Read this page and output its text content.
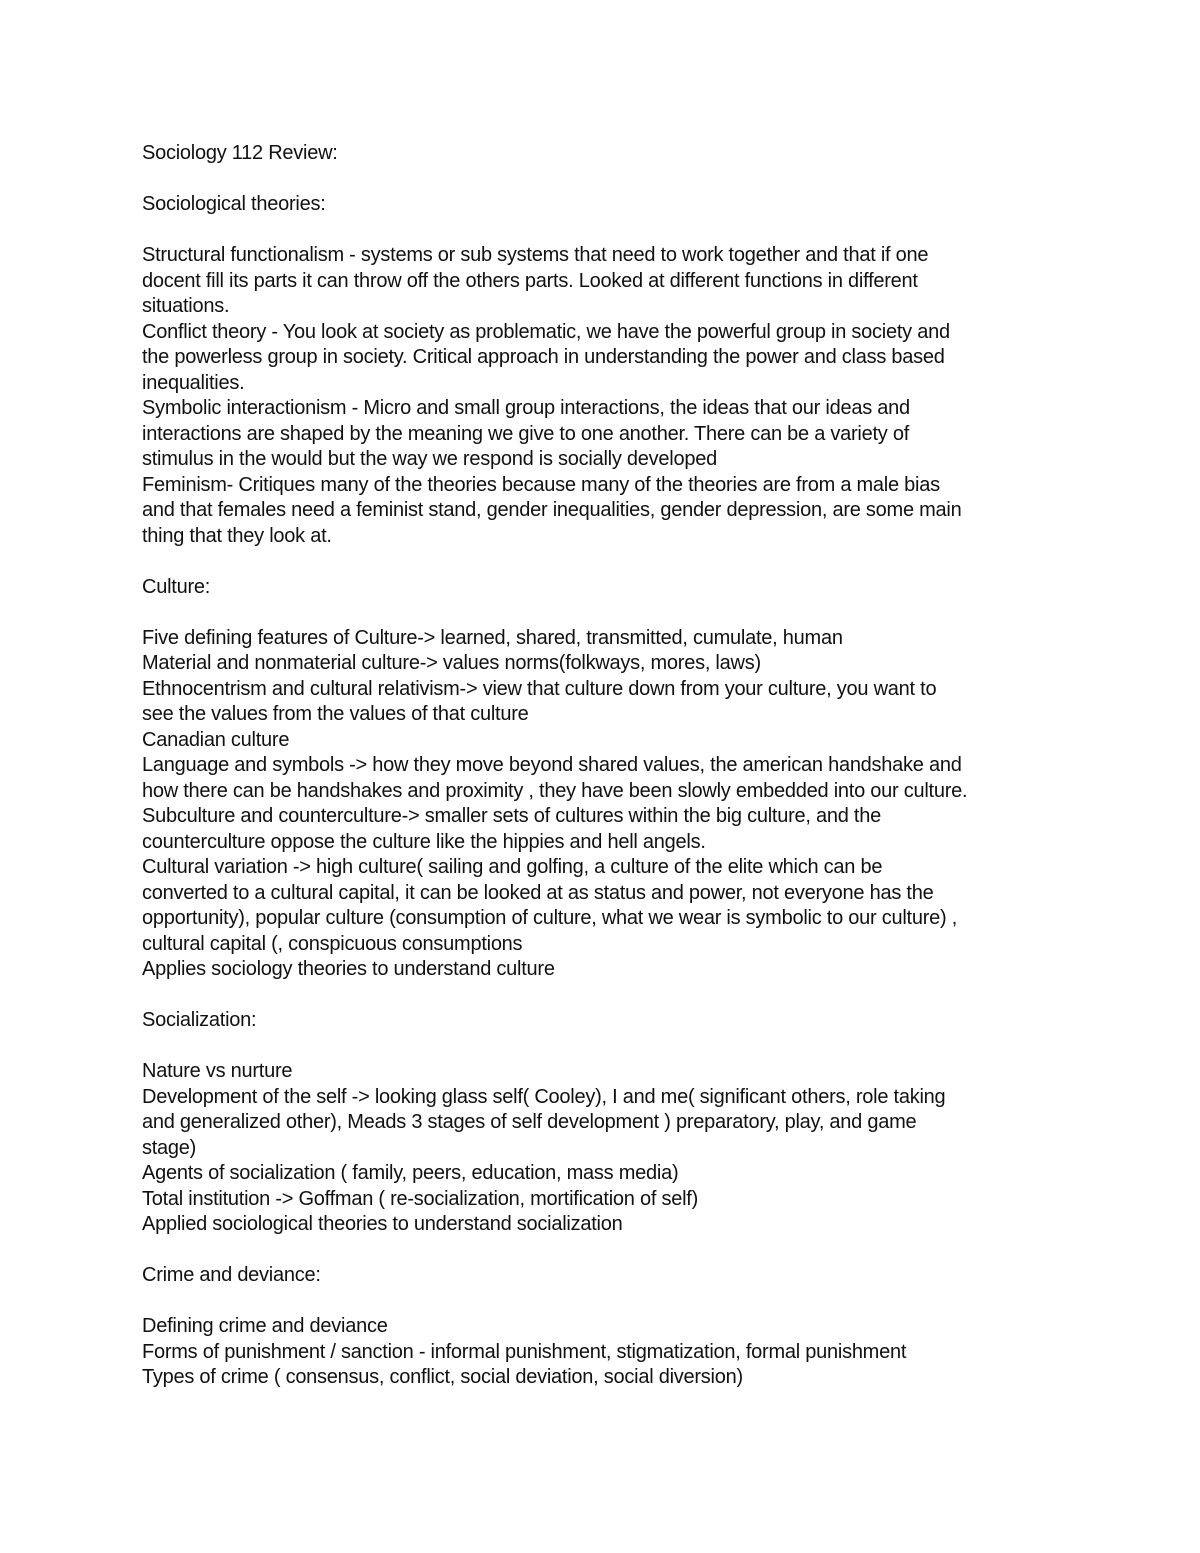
Sociology 112 Review:

Sociological theories:

Structural functionalism - systems or sub systems that need to work together and that if one

docent fill its parts it can throw off the others parts. Looked at different functions in different

situations.

Conflict theory - You look at society as problematic, we have the powerful group in society and

the powerless group in society. Critical approach in understanding the power and class based

inequalities.

Symbolic interactionism - Micro and small group interactions, the ideas that our ideas and

interactions are shaped by the meaning we give to one another. There can be a variety of

stimulus in the would but the way we respond is socially developed

Feminism- Critiques many of the theories because many of the theories are from a male bias

and that females need a feminist stand, gender inequalities, gender depression, are some main

thing that they look at.

Culture:

Five defining features of Culture-> learned, shared, transmitted, cumulate, human

Material and nonmaterial culture-> values norms(folkways, mores, laws)

Ethnocentrism and cultural relativism-> view that culture down from your culture, you want to

see the values from the values of that culture

Canadian culture

Language and symbols -> how they move beyond shared values, the american handshake and

how there can be handshakes and proximity , they have been slowly embedded into our culture.

Subculture and counterculture-> smaller sets of cultures within the big culture, and the

counterculture oppose the culture like the hippies and hell angels.

Cultural variation -> high culture( sailing and golfing, a culture of the elite which can be

converted to a cultural capital, it can be looked at as status and power, not everyone has the

opportunity), popular culture (consumption of culture, what we wear is symbolic to our culture) ,

cultural capital (, conspicuous consumptions

Applies sociology theories to understand culture

Socialization:

Nature vs nurture

Development of the self -> looking glass self( Cooley), I and me( significant others, role taking

and generalized other), Meads 3 stages of self development ) preparatory, play, and game

stage)

Agents of socialization ( family, peers, education, mass media)

Total institution -> Goffman ( re-socialization, mortification of self)

Applied sociological theories to understand socialization

Crime and deviance:

Defining crime and deviance

Forms of punishment / sanction - informal punishment, stigmatization, formal punishment

Types of crime ( consensus, conflict, social deviation, social diversion)
